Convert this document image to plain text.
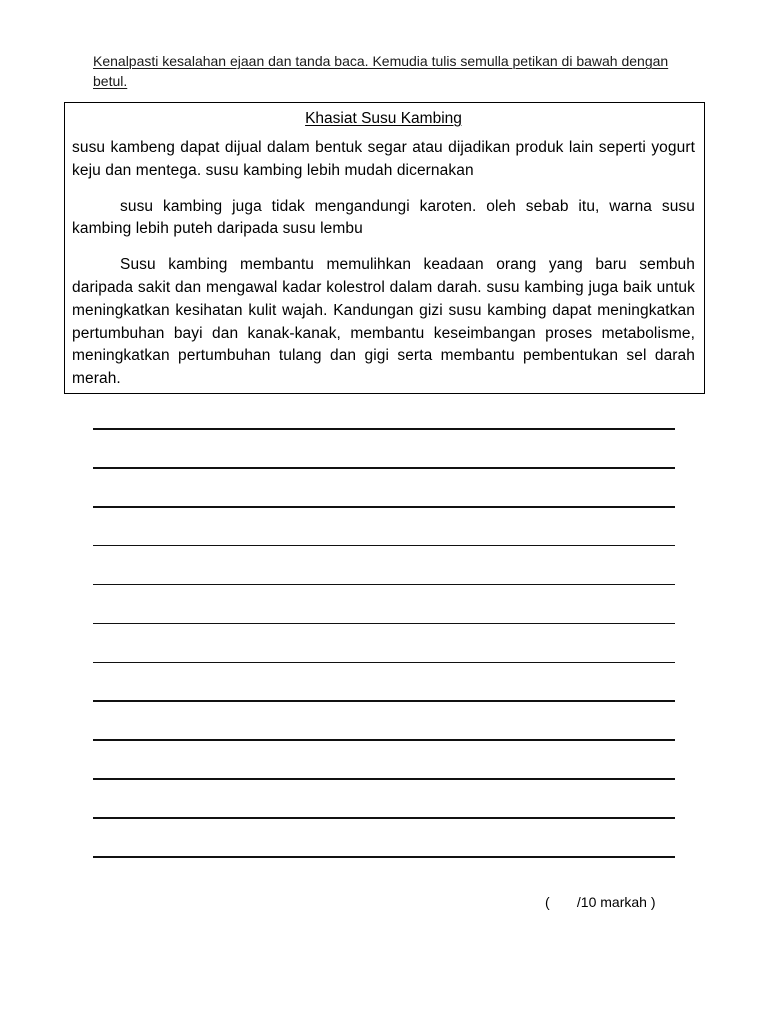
Kenalpasti kesalahan ejaan dan tanda baca. Kemudia tulis semulla petikan di bawah dengan betul.
Khasiat Susu Kambing

susu kambeng dapat dijual dalam bentuk segar atau dijadikan produk lain seperti yogurt keju dan mentega. susu kambing lebih mudah dicernakan

susu kambing juga tidak mengandungi karoten. oleh sebab itu, warna susu kambing lebih puteh daripada susu lembu

Susu kambing membantu memulihkan keadaan orang yang baru sembuh daripada sakit dan mengawal kadar kolestrol dalam darah. susu kambing juga baik untuk meningkatkan kesihatan kulit wajah. Kandungan gizi susu kambing dapat meningkatkan pertumbuhan bayi dan kanak-kanak, membantu keseimbangan proses metabolisme, meningkatkan pertumbuhan tulang dan gigi serta membantu pembentukan sel darah merah.

(       /10 markah )
